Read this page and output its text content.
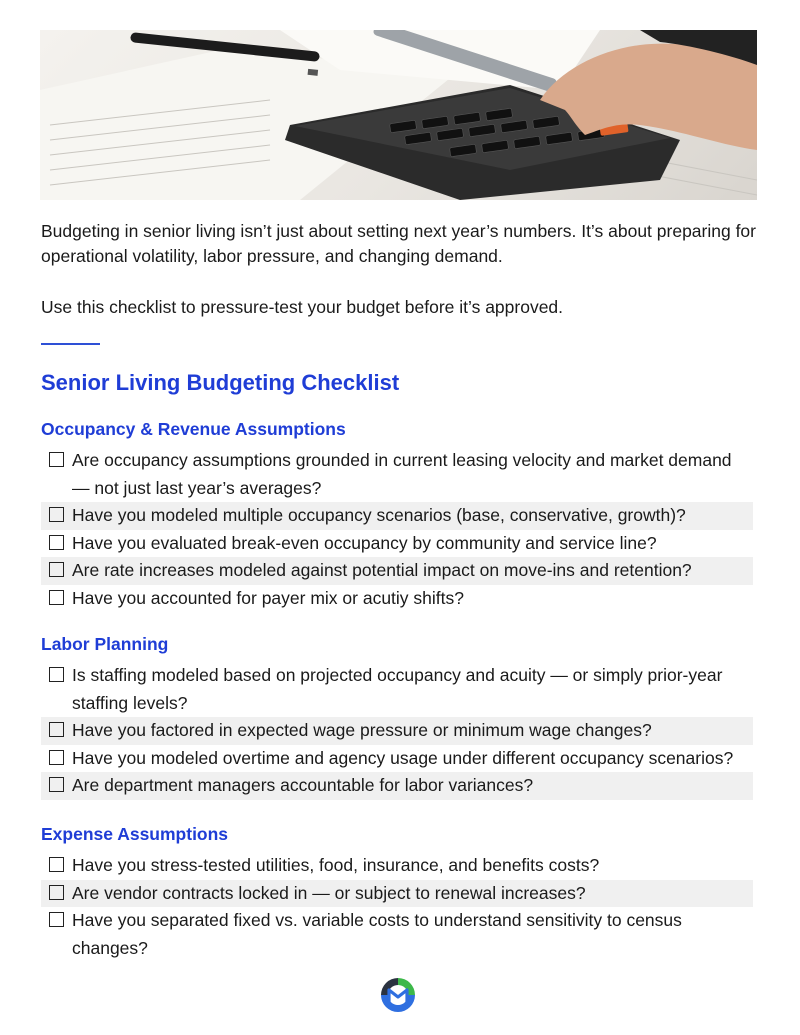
Budgeting in senior living isn’t just about setting next year’s numbers. It’s about preparing for operational volatility, labor pressure, and changing demand.

Use this checklist to pressure-test your budget before it’s approved.

Senior Living Budgeting Checklist
Occupancy & Revenue Assumptions
Are occupancy assumptions grounded in current leasing velocity and market demand — not just last year’s averages?
Have you modeled multiple occupancy scenarios (base, conservative, growth)?
Have you evaluated break-even occupancy by community and service line?
Are rate increases modeled against potential impact on move-ins and retention?
Have you accounted for payer mix or acutiy shifts?
Labor Planning
Is staffing modeled based on projected occupancy and acuity — or simply prior-year staffing levels?
Have you factored in expected wage pressure or minimum wage changes?
Have you modeled overtime and agency usage under different occupancy scenarios?
Are department managers accountable for labor variances?
Expense Assumptions
Have you stress-tested utilities, food, insurance, and benefits costs?
Are vendor contracts locked in — or subject to renewal increases?
Have you separated fixed vs. variable costs to understand sensitivity to census changes?
